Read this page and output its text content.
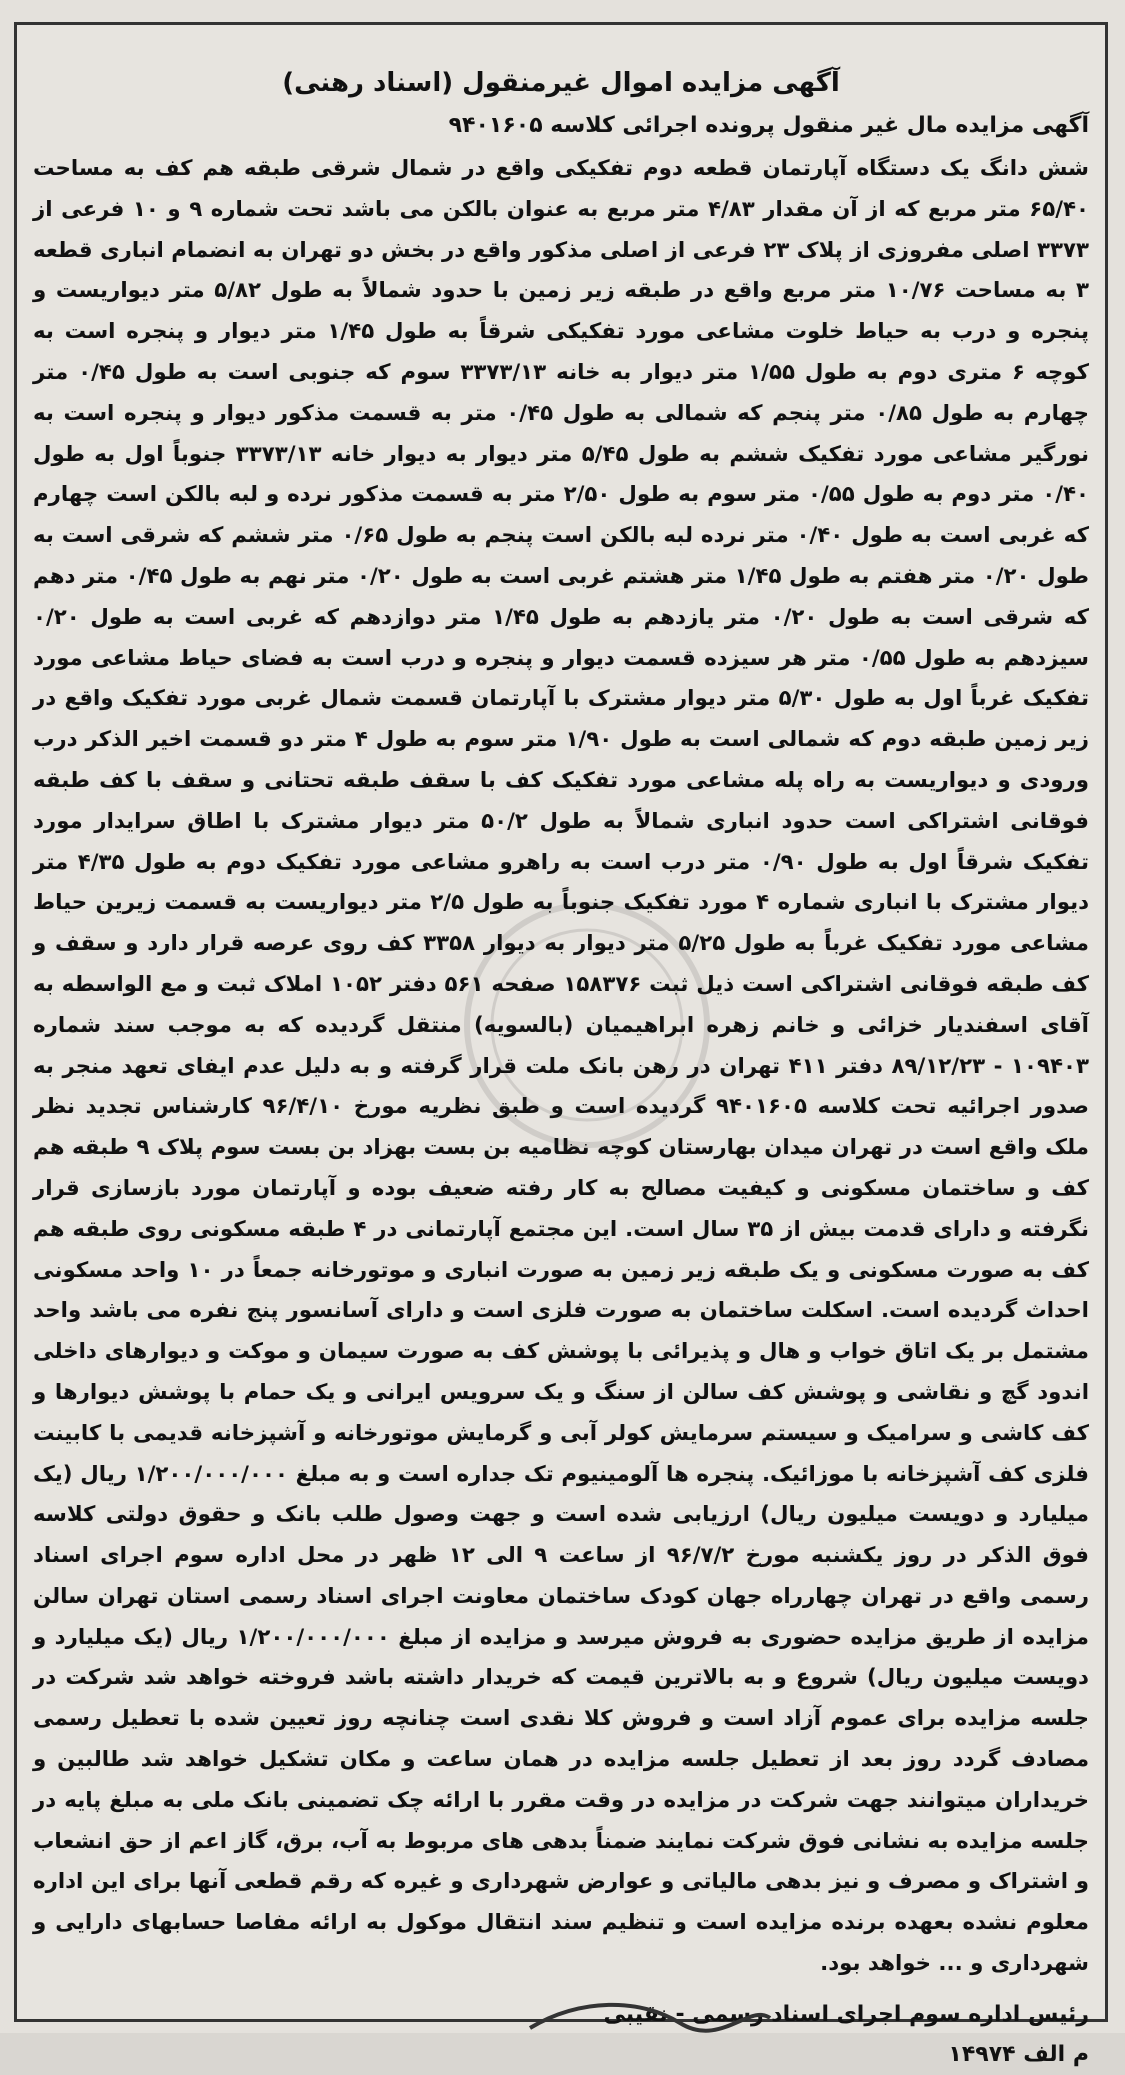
آگهی مزایده اموال غیرمنقول (اسناد رهنی)
آگهی مزایده مال غیر منقول پرونده اجرائی کلاسه ۹۴۰۱۶۰۵

شش دانگ یک دستگاه آپارتمان قطعه دوم تفکیکی واقع در شمال شرقی طبقه هم کف به مساحت ۶۵/۴۰ متر مربع که از آن مقدار ۴/۸۳ متر مربع به عنوان بالکن می باشد تحت شماره ۹ و ۱۰ فرعی از ۳۳۷۳ اصلی مفروزی از پلاک ۲۳ فرعی از اصلی مذکور واقع در بخش دو تهران به انضمام انباری قطعه ۳ به مساحت ۱۰/۷۶ متر مربع واقع در طبقه زیر زمین با حدود شمالاً به طول ۵/۸۲ متر دیواریست و پنجره و درب به حیاط خلوت مشاعی مورد تفکیکی شرقاً به طول ۱/۴۵ متر دیوار و پنجره است به کوچه ۶ متری دوم به طول ۱/۵۵ متر دیوار به خانه ۳۳۷۳/۱۳ سوم که جنوبی است به طول ۰/۴۵ متر چهارم به طول ۰/۸۵ متر پنجم که شمالی به طول ۰/۴۵ متر به قسمت مذکور دیوار و پنجره است به نورگیر مشاعی مورد تفکیک ششم به طول ۵/۴۵ متر دیوار به دیوار خانه ۳۳۷۳/۱۳ جنوباً اول به طول ۰/۴۰ متر دوم به طول ۰/۵۵ متر سوم به طول ۲/۵۰ متر به قسمت مذکور نرده و لبه بالکن است چهارم که غربی است به طول ۰/۴۰ متر نرده لبه بالکن است پنجم به طول ۰/۶۵ متر ششم که شرقی است به طول ۰/۲۰ متر هفتم به طول ۱/۴۵ متر هشتم غربی است به طول ۰/۲۰ متر نهم به طول ۰/۴۵ متر دهم که شرقی است به طول ۰/۲۰ متر یازدهم به طول ۱/۴۵ متر دوازدهم که غربی است به طول ۰/۲۰ سیزدهم به طول ۰/۵۵ متر هر سیزده قسمت دیوار و پنجره و درب است به فضای حیاط مشاعی مورد تفکیک غرباً اول به طول ۵/۳۰ متر دیوار مشترک با آپارتمان قسمت شمال غربی مورد تفکیک واقع در زیر زمین طبقه دوم که شمالی است به طول ۱/۹۰ متر سوم به طول ۴ متر دو قسمت اخیر الذکر درب ورودی و دیواریست به راه پله مشاعی مورد تفکیک کف با سقف طبقه تحتانی و سقف با کف طبقه فوقانی اشتراکی است حدود انباری شمالاً به طول ۵۰/۲ متر دیوار مشترک با اطاق سرایدار مورد تفکیک شرقاً اول به طول ۰/۹۰ متر درب است به راهرو مشاعی مورد تفکیک دوم به طول ۴/۳۵ متر دیوار مشترک با انباری شماره ۴ مورد تفکیک جنوباً به طول ۲/۵ متر دیواریست به قسمت زیرین حیاط مشاعی مورد تفکیک غرباً به طول ۵/۲۵ متر دیوار به دیوار ۳۳۵۸ کف روی عرصه قرار دارد و سقف و کف طبقه فوقانی اشتراکی است ذیل ثبت ۱۵۸۳۷۶ صفحه ۵۶۱ دفتر ۱۰۵۲ املاک ثبت و مع الواسطه به آقای اسفندیار خزائی و خانم زهره ابراهیمیان (بالسویه) منتقل گردیده که به موجب سند شماره ۱۰۹۴۰۳ - ۸۹/۱۲/۲۳ دفتر ۴۱۱ تهران در رهن بانک ملت قرار گرفته و به دلیل عدم ایفای تعهد منجر به صدور اجرائیه تحت کلاسه ۹۴۰۱۶۰۵ گردیده است و طبق نظریه مورخ ۹۶/۴/۱۰ کارشناس تجدید نظر ملک واقع است در تهران میدان بهارستان کوچه نظامیه بن بست بهزاد بن بست سوم پلاک ۹ طبقه هم کف و ساختمان مسکونی و کیفیت مصالح به کار رفته ضعیف بوده و آپارتمان مورد بازسازی قرار نگرفته و دارای قدمت بیش از ۳۵ سال است. این مجتمع آپارتمانی در ۴ طبقه مسکونی روی طبقه هم کف به صورت مسکونی و یک طبقه زیر زمین به صورت انباری و موتورخانه جمعاً در ۱۰ واحد مسکونی احداث گردیده است. اسکلت ساختمان به صورت فلزی است و دارای آسانسور پنج نفره می باشد واحد مشتمل بر یک اتاق خواب و هال و پذیرائی با پوشش کف به صورت سیمان و موکت و دیوارهای داخلی اندود گچ و نقاشی و پوشش کف سالن از سنگ و یک سرویس ایرانی و یک حمام با پوشش دیوارها و کف کاشی و سرامیک و سیستم سرمایش کولر آبی و گرمایش موتورخانه و آشپزخانه قدیمی با کابینت فلزی کف آشپزخانه با موزائیک. پنجره ها آلومینیوم تک جداره است و به مبلغ ۱/۲۰۰/۰۰۰/۰۰۰ ریال (یک میلیارد و دویست میلیون ریال) ارزیابی شده است و جهت وصول طلب بانک و حقوق دولتی کلاسه فوق الذکر در روز یکشنبه مورخ ۹۶/۷/۲ از ساعت ۹ الی ۱۲ ظهر در محل اداره سوم اجرای اسناد رسمی واقع در تهران چهارراه جهان کودک ساختمان معاونت اجرای اسناد رسمی استان تهران سالن مزایده از طریق مزایده حضوری به فروش میرسد و مزایده از مبلغ ۱/۲۰۰/۰۰۰/۰۰۰ ریال (یک میلیارد و دویست میلیون ریال) شروع و به بالاترین قیمت که خریدار داشته باشد فروخته خواهد شد شرکت در جلسه مزایده برای عموم آزاد است و فروش کلا نقدی است چنانچه روز تعیین شده با تعطیل رسمی مصادف گردد روز بعد از تعطیل جلسه مزایده در همان ساعت و مکان تشکیل خواهد شد طالبین و خریداران میتوانند جهت شرکت در مزایده در وقت مقرر با ارائه چک تضمینی بانک ملی به مبلغ پایه در جلسه مزایده به نشانی فوق شرکت نمایند ضمناً بدهی های مربوط به آب، برق، گاز اعم از حق انشعاب و اشتراک و مصرف و نیز بدهی مالیاتی و عوارض شهرداری و غیره که رقم قطعی آنها برای این اداره معلوم نشده بعهده برنده مزایده است و تنظیم سند انتقال موکول به ارائه مفاصا حسابهای دارایی و شهرداری و ... خواهد بود.

رئیس اداره سوم اجرای اسناد رسمی - نقیبی
م الف ۱۴۹۷۴
